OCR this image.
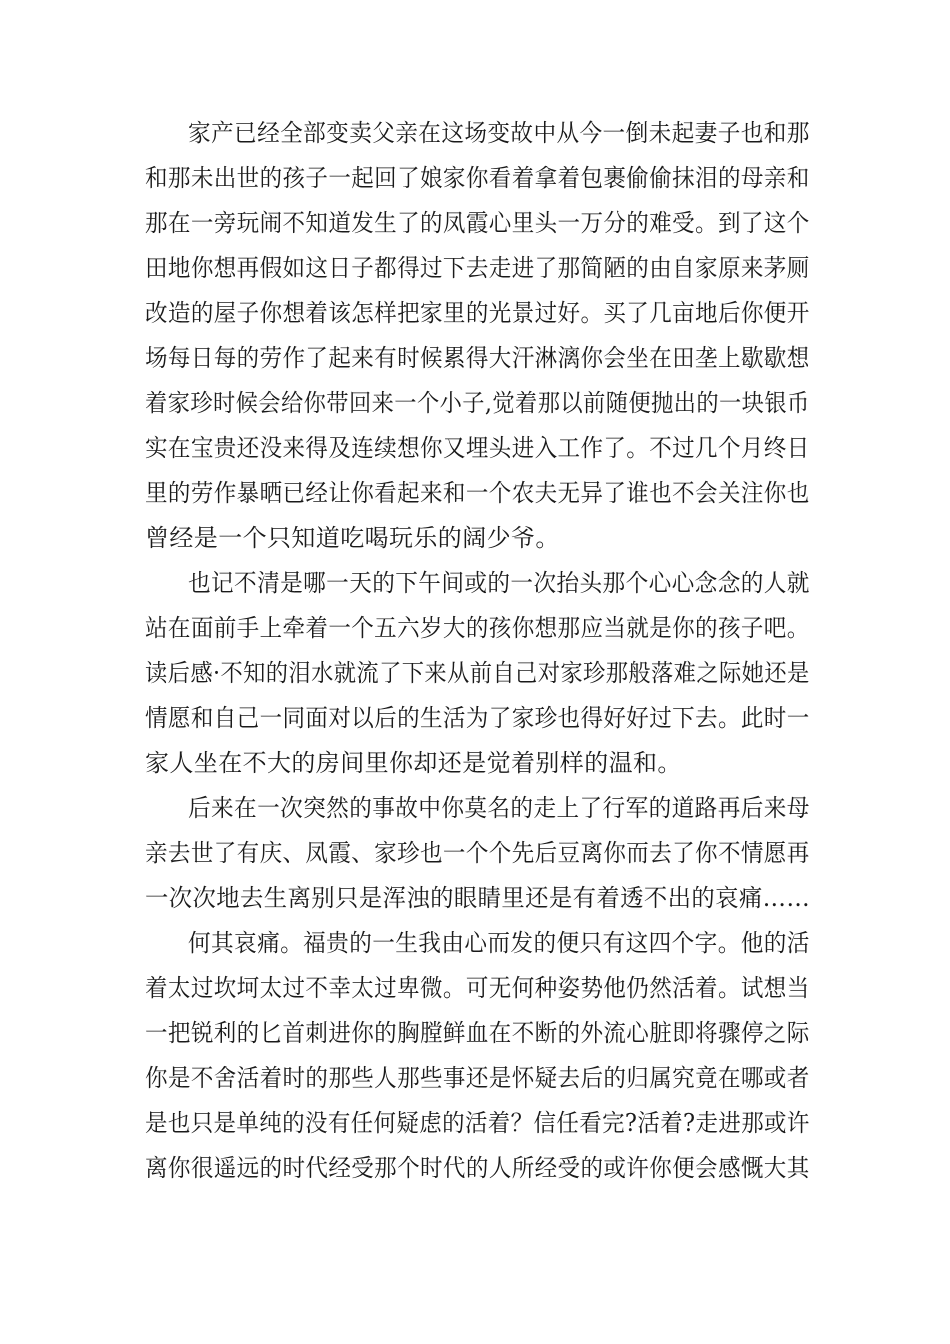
家产已经全部变卖父亲在这场变故中从今一倒未起妻子也和那
和那未出世的孩子一起回了娘家你看着拿着包裹偷偷抹泪的母亲和
那在一旁玩闹不知道发生了的凤霞心里头一万分的难受。到了这个
田地你想再假如这日子都得过下去走进了那简陋的由自家原来茅厕
改造的屋子你想着该怎样把家里的光景过好。买了几亩地后你便开
场每日每的劳作了起来有时候累得大汗淋漓你会坐在田垄上歇歇想
着家珍时候会给你带回来一个小子,觉着那以前随便抛出的一块银币
实在宝贵还没来得及连续想你又埋头进入工作了。不过几个月终日
里的劳作暴晒已经让你看起来和一个农夫无异了谁也不会关注你也
曾经是一个只知道吃喝玩乐的阔少爷。
也记不清是哪一天的下午间或的一次抬头那个心心念念的人就
站在面前手上牵着一个五六岁大的孩你想那应当就是你的孩子吧。
读后感·不知的泪水就流了下来从前自己对家珍那般落难之际她还是
情愿和自己一同面对以后的生活为了家珍也得好好过下去。此时一
家人坐在不大的房间里你却还是觉着别样的温和。
后来在一次突然的事故中你莫名的走上了行军的道路再后来母
亲去世了有庆、凤霞、家珍也一个个先后豆离你而去了你不情愿再
一次次地去生离别只是浑浊的眼睛里还是有着透不出的哀痛……
何其哀痛。福贵的一生我由心而发的便只有这四个字。他的活
着太过坎坷太过不幸太过卑微。可无何种姿势他仍然活着。试想当
一把锐利的匕首刺进你的胸膛鲜血在不断的外流心脏即将骤停之际
你是不舍活着时的那些人那些事还是怀疑去后的归属究竟在哪或者
是也只是单纯的没有任何疑虑的活着？信任看完?活着?走进那或许
离你很遥远的时代经受那个时代的人所经受的或许你便会感慨大其
